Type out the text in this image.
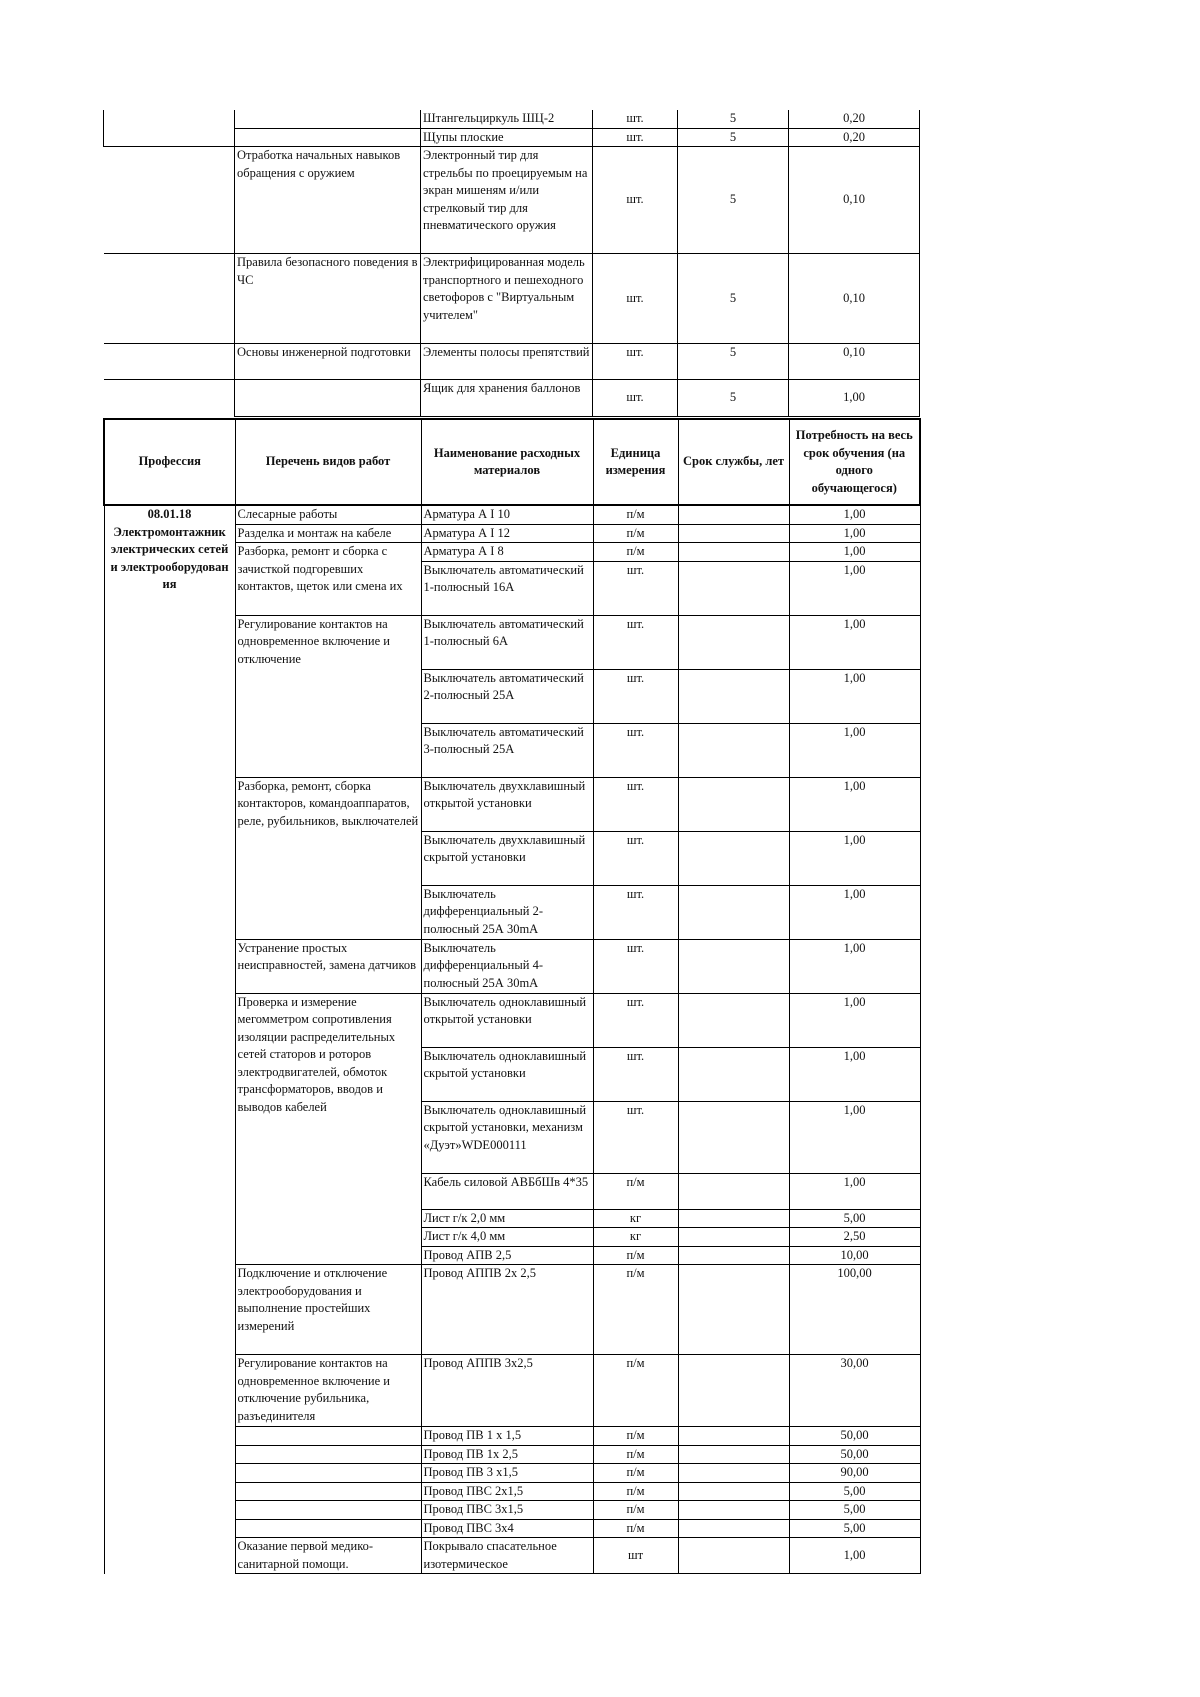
		Штангельциркуль ШЦ-2	шт.	5	0,20
		Щупы плоские	шт.	5	0,20
	Отработка начальных навыков обращения с оружием	Электронный тир для стрельбы по проецируемым на экран мишеням и/или стрелковый тир для пневматического оружия	шт.	5	0,10
	Правила безопасного поведения в ЧС	Электрифицированная модель транспортного и пешеходного светофоров с "Виртуальным учителем"	шт.	5	0,10
	Основы инженерной подготовки	Элементы полосы препятствий	шт.	5	0,10
		Ящик для хранения баллонов	шт.	5	1,00
Профессия	Перечень видов работ	Наименование расходных материалов	Единица измерения	Срок службы, лет	Потребность на весь срок обучения (на одного обучающегося)
08.01.18 Электромонтажник электрических сетей и электрооборудован ия	Слесарные работы	Арматура А I 10	п/м		1,00
	Разделка и монтаж на кабеле	Арматура А I 12	п/м		1,00
	Разборка, ремонт и сборка с зачисткой подгоревших контактов, щеток или смена их	Арматура А I 8	п/м		1,00
		Выключатель автоматический 1-полюсный 16А	шт.		1,00
	Регулирование контактов на одновременное включение и отключение	Выключатель автоматический 1-полюсный 6А	шт.		1,00
		Выключатель автоматический 2-полюсный 25А	шт.		1,00
		Выключатель автоматический 3-полюсный 25А	шт.		1,00
	Разборка, ремонт, сборка контакторов, командоаппаратов, реле, рубильников, выключателей	Выключатель двухклавишный открытой установки	шт.		1,00
		Выключатель двухклавишный скрытой установки	шт.		1,00
		Выключатель дифференциальный 2-полюсный 25А 30mA	шт.		1,00
	Устранение простых неисправностей, замена датчиков	Выключатель дифференциальный 4-полюсный 25А 30mA	шт.		1,00
	Проверка и измерение мегомметром сопротивления изоляции распределительных сетей статоров и роторов электродвигателей, обмоток трансформаторов, вводов и выводов кабелей	Выключатель одноклавишный открытой установки	шт.		1,00
		Выключатель одноклавишный скрытой установки	шт.		1,00
		Выключатель одноклавишный скрытой установки, механизм «Дуэт»WDE000111	шт.		1,00
		Кабель силовой АВБбШв 4*35	п/м		1,00
		Лист г/к 2,0 мм	кг		5,00
		Лист г/к 4,0 мм	кг		2,50
		Провод АПВ 2,5	п/м		10,00
	Подключение и отключение электрооборудования и выполнение простейших измерений	Провод АППВ 2х 2,5	п/м		100,00
	Регулирование контактов на одновременное включение и отключение рубильника, разъединителя	Провод АППВ 3х2,5	п/м		30,00
		Провод ПВ 1 х 1,5	п/м		50,00
		Провод ПВ 1х 2,5	п/м		50,00
		Провод ПВ 3 х1,5	п/м		90,00
		Провод ПВС 2х1,5	п/м		5,00
		Провод ПВС 3х1,5	п/м		5,00
		Провод ПВС 3х4	п/м		5,00
	Оказание первой медико-санитарной помощи.	Покрывало спасательное изотермическое	шт		1,00
